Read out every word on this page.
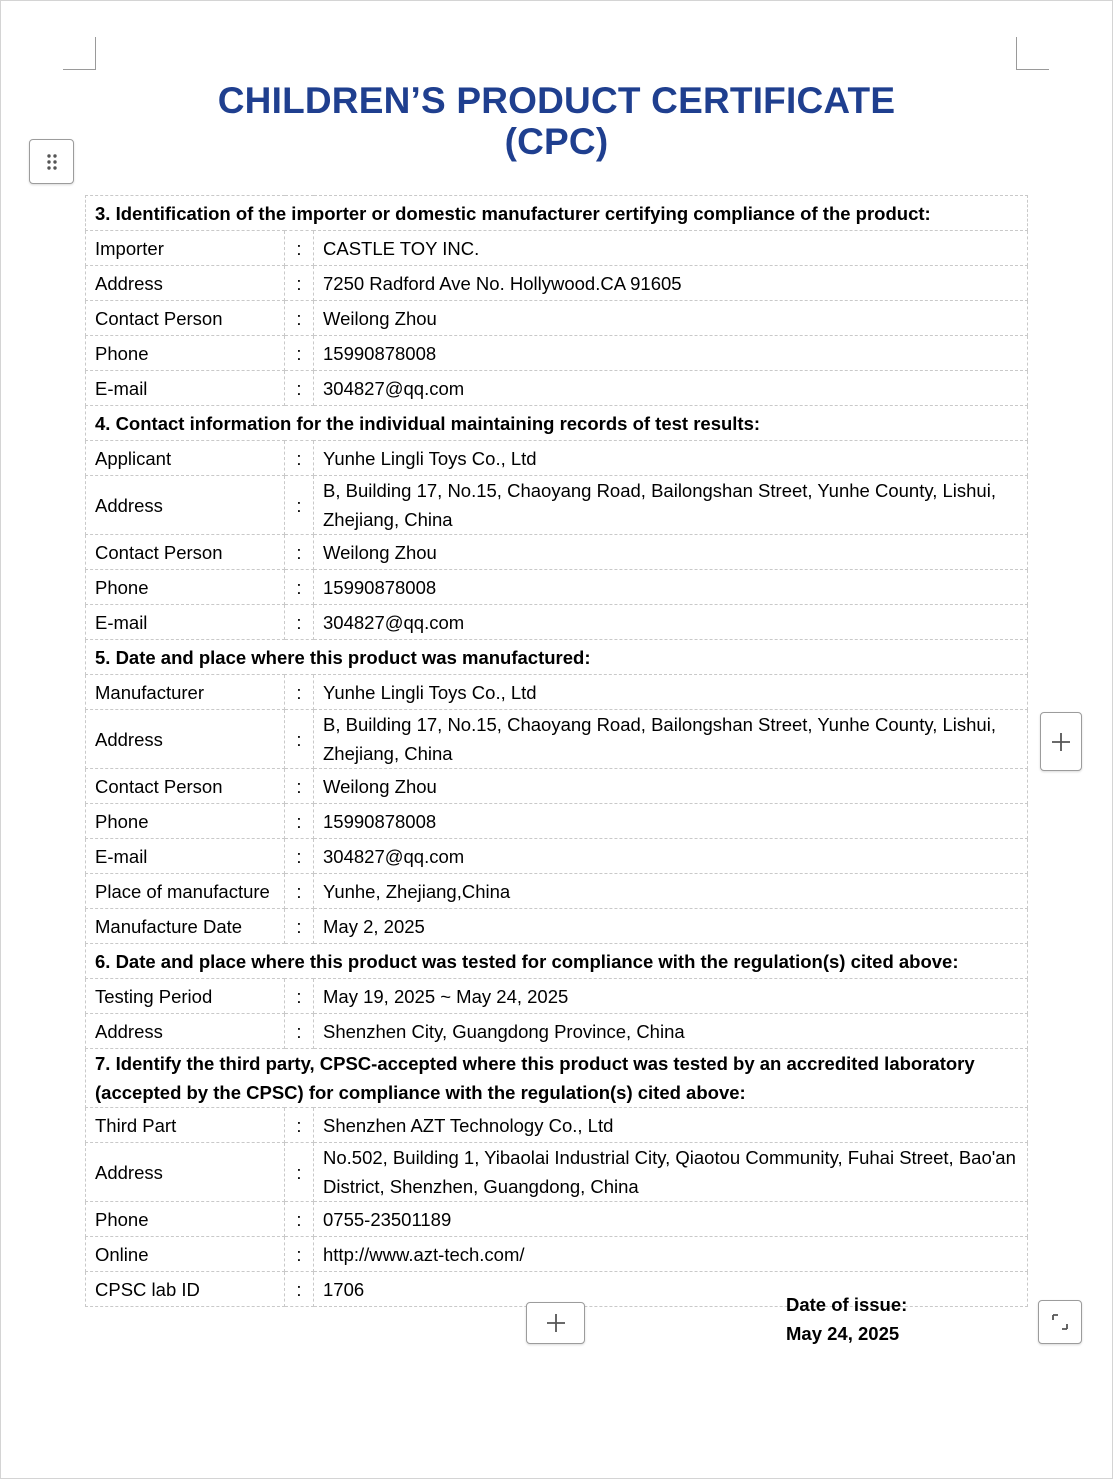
CHILDREN’S PRODUCT CERTIFICATE
(CPC)
3. Identification of the importer or domestic manufacturer certifying compliance of the product:		
Importer	:	CASTLE TOY INC.
Address	:	7250 Radford Ave No. Hollywood.CA 91605
Contact Person	:	Weilong Zhou
Phone	:	15990878008
E-mail	:	304827@qq.com
4. Contact information for the individual maintaining records of test results:		
Applicant	:	Yunhe Lingli Toys Co., Ltd
Address	:	B, Building 17, No.15, Chaoyang Road, Bailongshan Street, Yunhe County, Lishui, Zhejiang, China
Contact Person	:	Weilong Zhou
Phone	:	15990878008
E-mail	:	304827@qq.com
5. Date and place where this product was manufactured:		
Manufacturer	:	Yunhe Lingli Toys Co., Ltd
Address	:	B, Building 17, No.15, Chaoyang Road, Bailongshan Street, Yunhe County, Lishui, Zhejiang, China
Contact Person	:	Weilong Zhou
Phone	:	15990878008
E-mail	:	304827@qq.com
Place of manufacture	:	Yunhe, Zhejiang,China
Manufacture Date	:	May 2, 2025
6. Date and place where this product was tested for compliance with the regulation(s) cited above:		
Testing Period	:	May 19, 2025 ~ May 24, 2025
Address	:	Shenzhen City, Guangdong Province, China
7. Identify the third party, CPSC-accepted where this product was tested by an accredited laboratory (accepted by the CPSC) for compliance with the regulation(s) cited above:		
Third Part	:	Shenzhen AZT Technology Co., Ltd
Address	:	No.502, Building 1, Yibaolai Industrial City, Qiaotou Community, Fuhai Street, Bao'an District, Shenzhen, Guangdong, China
Phone	:	0755-23501189
Online	:	http://www.azt-tech.com/
CPSC lab ID	:	1706
Date of issue:
May 24, 2025
